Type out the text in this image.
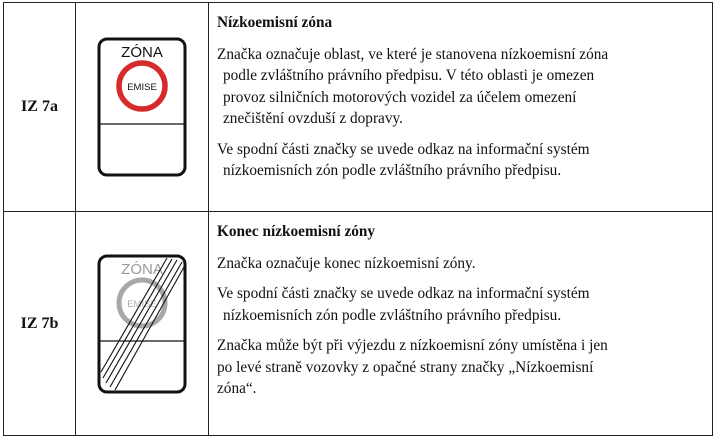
IZ 7a
ZÓNA
EMISE

Nízkoemisní zóna

Značka označuje oblast, ve které je stanovena nízkoemisní zóna
podle zvláštního právního předpisu. V této oblasti je omezen
provoz silničních motorových vozidel za účelem omezení
znečištění ovzduší z dopravy.

Ve spodní části značky se uvede odkaz na informační systém
nízkoemisních zón podle zvláštního právního předpisu.

IZ 7b
ZÓNA
EMISE

Konec nízkoemisní zóny

Značka označuje konec nízkoemisní zóny.

Ve spodní části značky se uvede odkaz na informační systém
nízkoemisních zón podle zvláštního právního předpisu.

Značka může být při výjezdu z nízkoemisní zóny umístěna i jen
po levé straně vozovky z opačné strany značky „Nízkoemisní
zóna“.
